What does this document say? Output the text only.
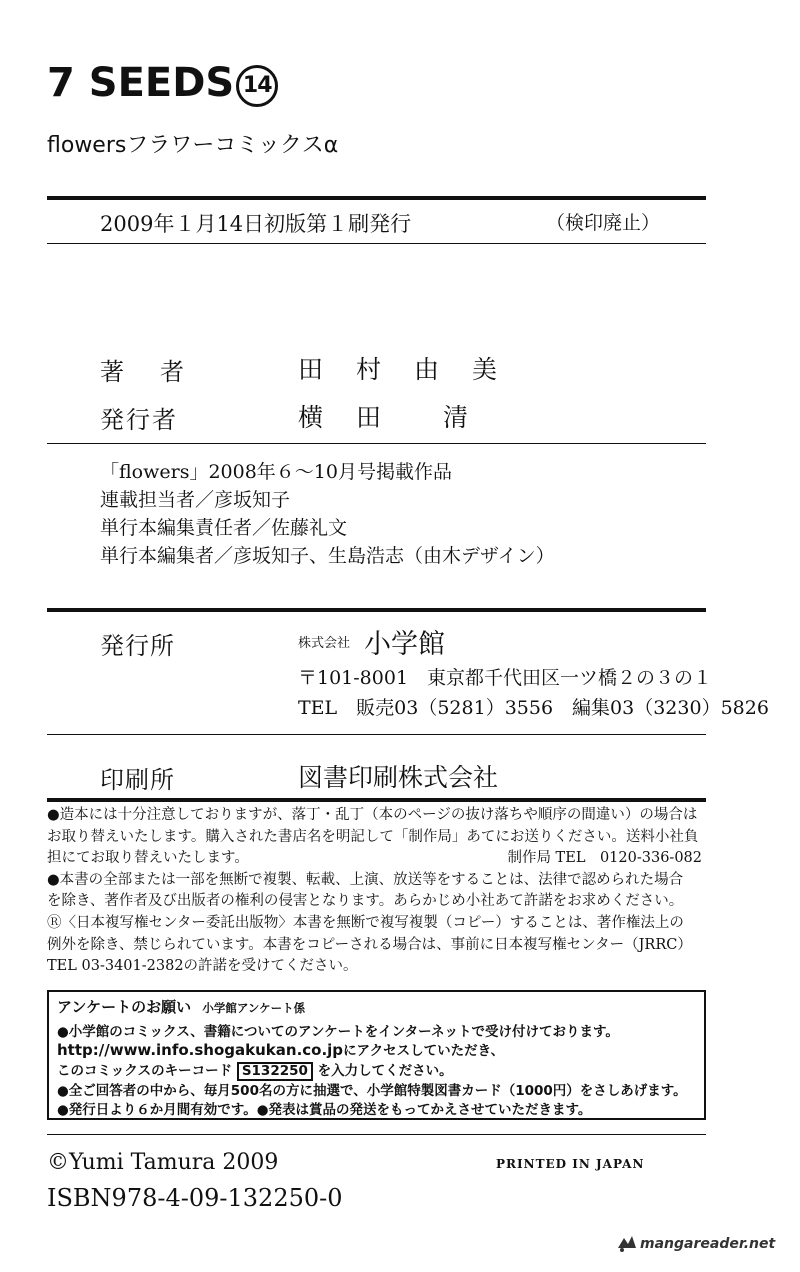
7 SEEDS 14
flowersフラワーコミックスα
2009年１月14日初版第１刷発行	（検印廃止）
著　者	田　村　由　美
発行者	横　田　　清
「flowers」2008年６～10月号掲載作品
連載担当者／彦坂知子
単行本編集責任者／佐藤礼文
単行本編集者／彦坂知子、生島浩志（由木デザイン）
発行所	株式会社 小学館
〒101-8001　東京都千代田区一ツ橋２の３の１
TEL　販売03（5281）3556　編集03（3230）5826
印刷所	図書印刷株式会社
●造本には十分注意しておりますが、落丁・乱丁（本のページの抜け落ちや順序の間違い）の場合は
お取り替えいたします。購入された書店名を明記して「制作局」あてにお送りください。送料小社負
担にてお取り替えいたします。	制作局 TEL　0120-336-082
●本書の全部または一部を無断で複製、転載、上演、放送等をすることは、法律で認められた場合
を除き、著作者及び出版者の権利の侵害となります。あらかじめ小社あて許諾をお求めください。
Ⓡ〈日本複写権センター委託出版物〉本書を無断で複写複製（コピー）することは、著作権法上の
例外を除き、禁じられています。本書をコピーされる場合は、事前に日本複写権センター（JRRC）
TEL 03-3401-2382の許諾を受けてください。
アンケートのお願い 小学館アンケート係
●小学館のコミックス、書籍についてのアンケートをインターネットで受け付けております。
http://www.info.shogakukan.co.jpにアクセスしていただき、
このコミックスのキーコード S132250 を入力してください。
●全ご回答者の中から、毎月500名の方に抽選で、小学館特製図書カード（1000円）をさしあげます。
●発行日より６か月間有効です。●発表は賞品の発送をもってかえさせていただきます。
©Yumi Tamura 2009	PRINTED IN JAPAN
ISBN978-4-09-132250-0
mangareader.net
